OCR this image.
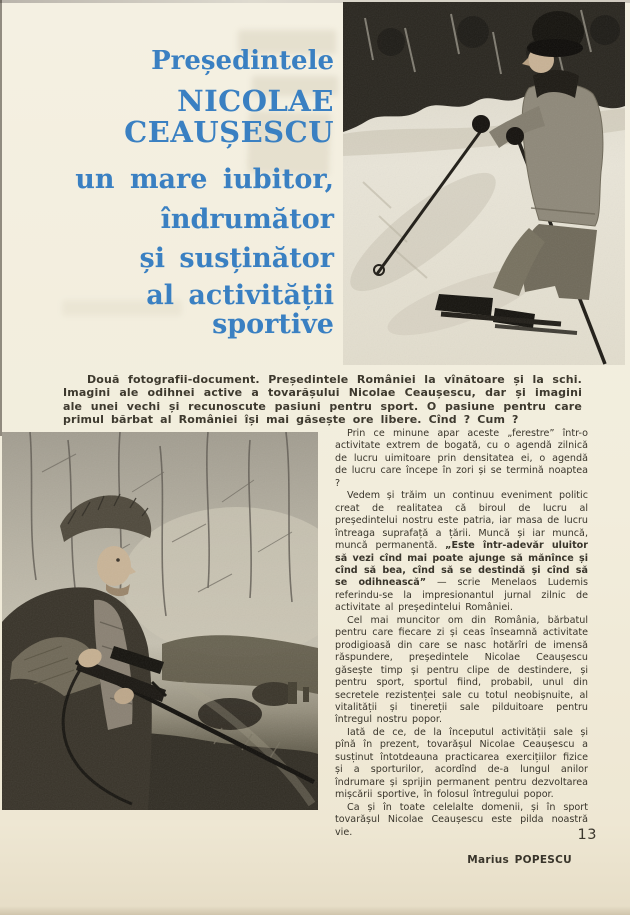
Președintele
NICOLAE CEAUȘESCU
un mare iubitor,
îndrumător
și susținător
al activității sportive

Două fotografii-document. Președintele României la vînătoare și la schi. Imagini ale odihnei active a tovarășului Nicolae Ceaușescu, dar și imagini ale unei vechi și recunoscute pasiuni pentru sport. O pasiune pentru care primul bărbat al României își mai găsește ore libere. Cînd ? Cum ?

Prin ce minune apar aceste „ferestre” într-o activitate extrem de bogată, cu o agendă zilnică de lucru uimitoare prin densitatea ei, o agendă de lucru care începe în zori și se termină noaptea ?

Vedem și trăim un continuu eveniment politic creat de realitatea că biroul de lucru al președintelui nostru este patria, iar masa de lucru întreaga suprafață a țării. Muncă și iar muncă, muncă permanentă. „Este într-adevăr uluitor să vezi cînd mai poate ajunge să mănînce și cînd să bea, cînd să se destindă și cînd să se odihnească” — scrie Menelaos Ludemis referindu-se la impresionantul jurnal zilnic de activitate al președintelui României.

Cel mai muncitor om din România, bărbatul pentru care fiecare zi și ceas înseamnă activitate prodigioasă din care se nasc hotărîri de imensă răspundere, președintele Nicolae Ceaușescu găsește timp și pentru clipe de destindere, și pentru sport, sportul fiind, probabil, unul din secretele rezistenței sale cu totul neobișnuite, al vitalității și tinereții sale pilduitoare pentru întregul nostru popor.

Iată de ce, de la începutul activității sale și pînă în prezent, tovarășul Nicolae Ceaușescu a susținut întotdeauna practicarea exercițiilor fizice și a sporturilor, acordînd de-a lungul anilor îndrumare și sprijin permanent pentru dezvoltarea mișcării sportive, în folosul întregului popor.

Ca și în toate celelalte domenii, și în sport tovarășul Nicolae Ceaușescu este pilda noastră vie.

Marius POPESCU
13
